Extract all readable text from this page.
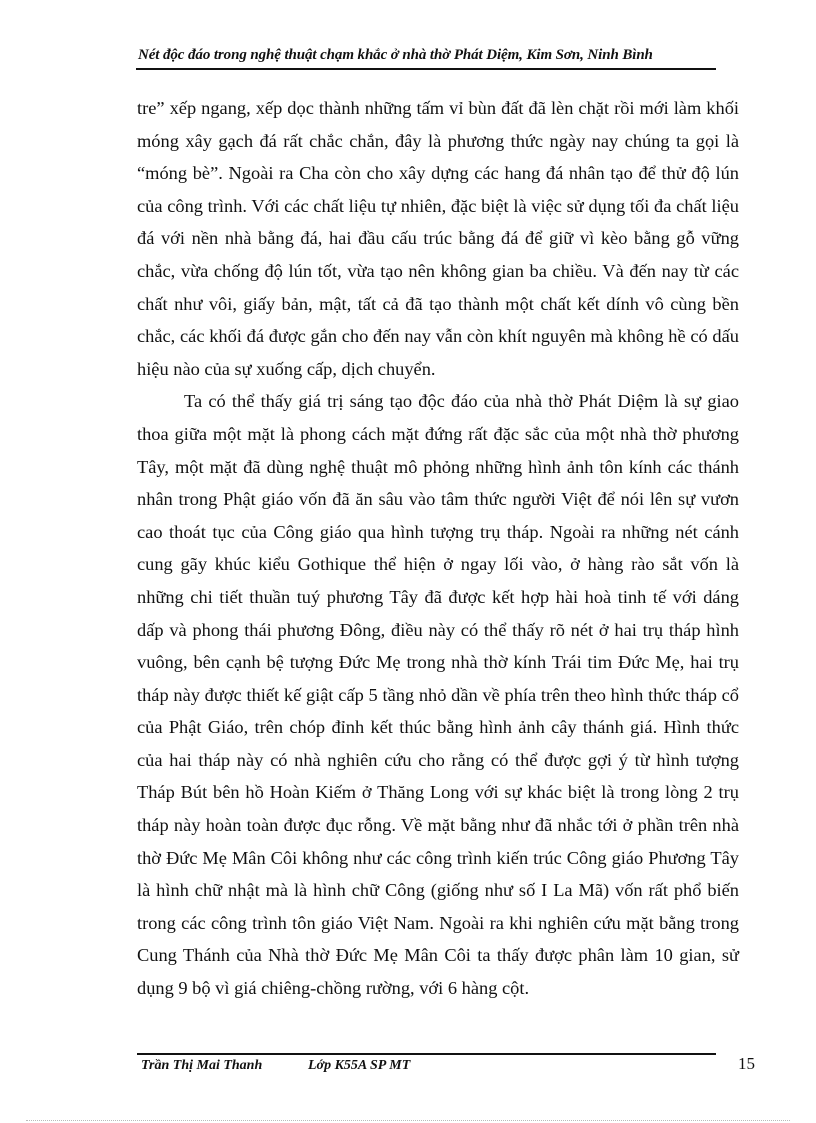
Nét độc đáo trong nghệ thuật chạm khắc ở nhà thờ Phát Diệm, Kim Sơn, Ninh Bình

tre” xếp ngang, xếp dọc thành những tấm vỉ bùn đất đã lèn chặt rồi mới làm khối móng xây gạch đá rất chắc chắn, đây là phương thức ngày nay chúng ta gọi là “móng bè”. Ngoài ra Cha còn cho xây dựng các hang đá nhân tạo để thử độ lún của công trình. Với các chất liệu tự nhiên, đặc biệt là việc sử dụng tối đa chất liệu đá với nền nhà bằng đá, hai đầu cấu trúc bằng đá để giữ vì kèo bằng gỗ vững chắc, vừa chống độ lún tốt, vừa tạo nên không gian ba chiều. Và đến nay từ các chất như vôi, giấy bản, mật, tất cả đã tạo thành một chất kết dính vô cùng bền chắc, các khối đá được gắn cho đến nay vẫn còn khít nguyên mà không hề có dấu hiệu nào của sự xuống cấp, dịch chuyển.

Ta có thể thấy giá trị sáng tạo độc đáo của nhà thờ Phát Diệm là sự giao thoa giữa một mặt là phong cách mặt đứng rất đặc sắc của một nhà thờ phương Tây, một mặt đã dùng nghệ thuật mô phỏng những hình ảnh tôn kính các thánh nhân trong Phật giáo vốn đã ăn sâu vào tâm thức người Việt để nói lên sự vươn cao thoát tục của Công giáo qua hình tượng trụ tháp. Ngoài ra những nét cánh cung gãy khúc kiểu Gothique thể hiện ở ngay lối vào, ở hàng rào sắt vốn là những chi tiết thuần tuý phương Tây đã được kết hợp hài hoà tinh tế với dáng dấp và phong thái phương Đông, điều này có thể thấy rõ nét ở hai trụ tháp hình vuông, bên cạnh bệ tượng Đức Mẹ trong nhà thờ kính Trái tim Đức Mẹ, hai trụ tháp này được thiết kế giật cấp 5 tầng nhỏ dần về phía trên theo hình thức tháp cổ của Phật Giáo, trên chóp đỉnh kết thúc bằng hình ảnh cây thánh giá. Hình thức của hai tháp này có nhà nghiên cứu cho rằng có thể được gợi ý từ hình tượng Tháp Bút bên hồ Hoàn Kiếm ở Thăng Long với sự khác biệt là trong lòng 2 trụ tháp này hoàn toàn được đục rỗng. Về mặt bằng như đã nhắc tới ở phần trên nhà thờ Đức Mẹ Mân Côi không như các công trình kiến trúc Công giáo Phương Tây là hình chữ nhật mà là hình chữ Công (giống như số I La Mã) vốn rất phổ biến trong các công trình tôn giáo Việt Nam. Ngoài ra khi nghiên cứu mặt bằng trong Cung Thánh của Nhà thờ Đức Mẹ Mân Côi ta thấy được phân làm 10 gian, sử dụng 9 bộ vì giá chiêng-chồng rường, với 6 hàng cột.

Trần Thị Mai Thanh	Lớp K55A SP MT	15
